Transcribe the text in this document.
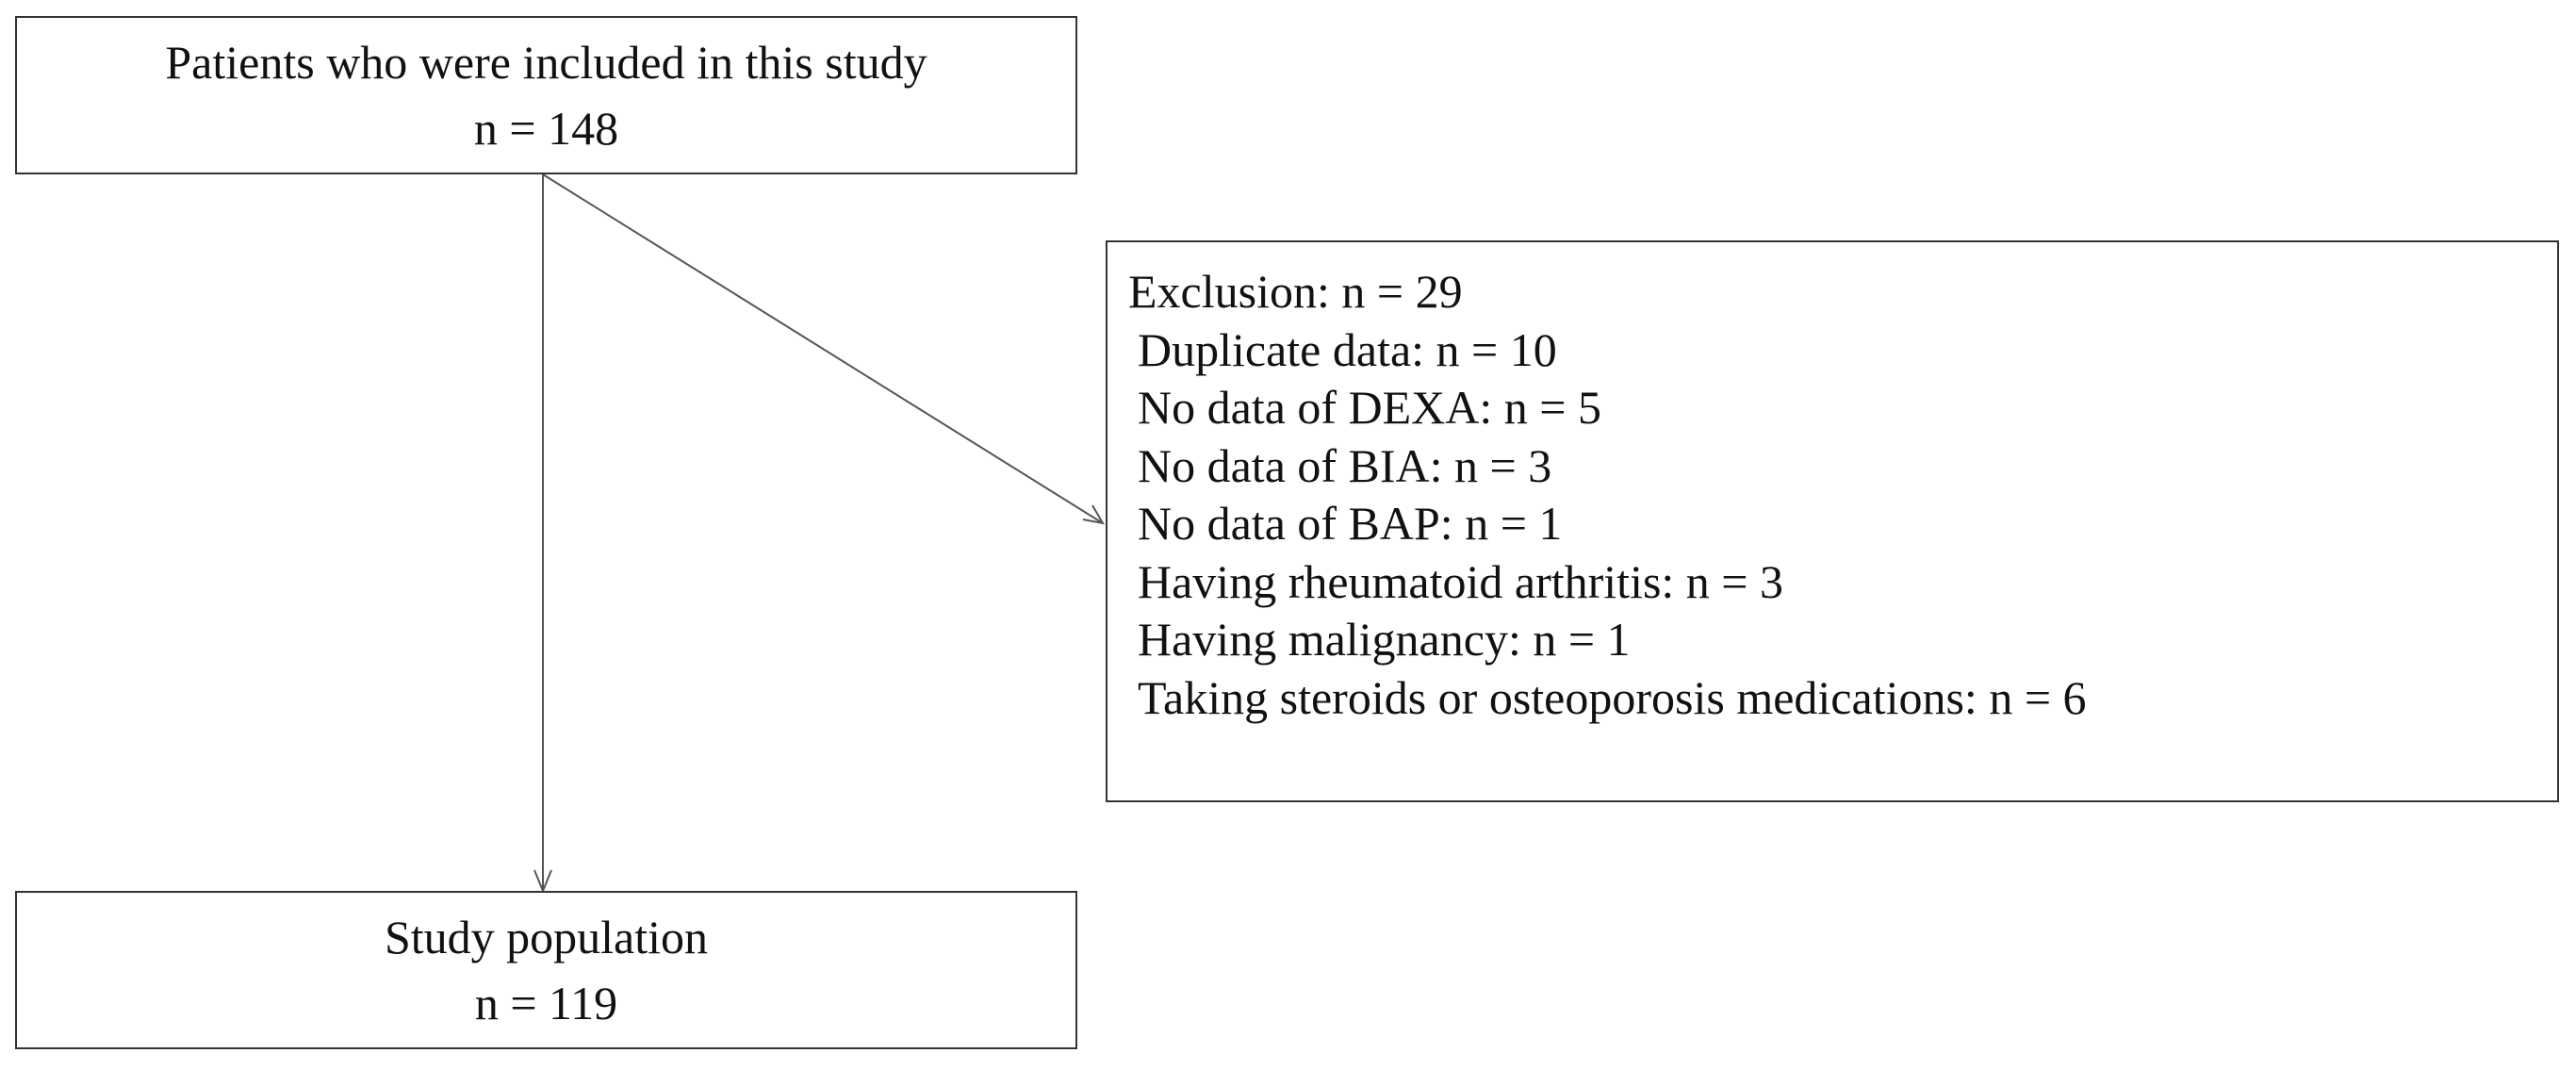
Patients who were included in this study
n = 148
Exclusion: n = 29
Duplicate data: n = 10
No data of DEXA: n = 5
No data of BIA: n = 3
No data of BAP: n = 1
Having rheumatoid arthritis: n = 3
Having malignancy: n = 1
Taking steroids or osteoporosis medications: n = 6
Study population
n = 119
